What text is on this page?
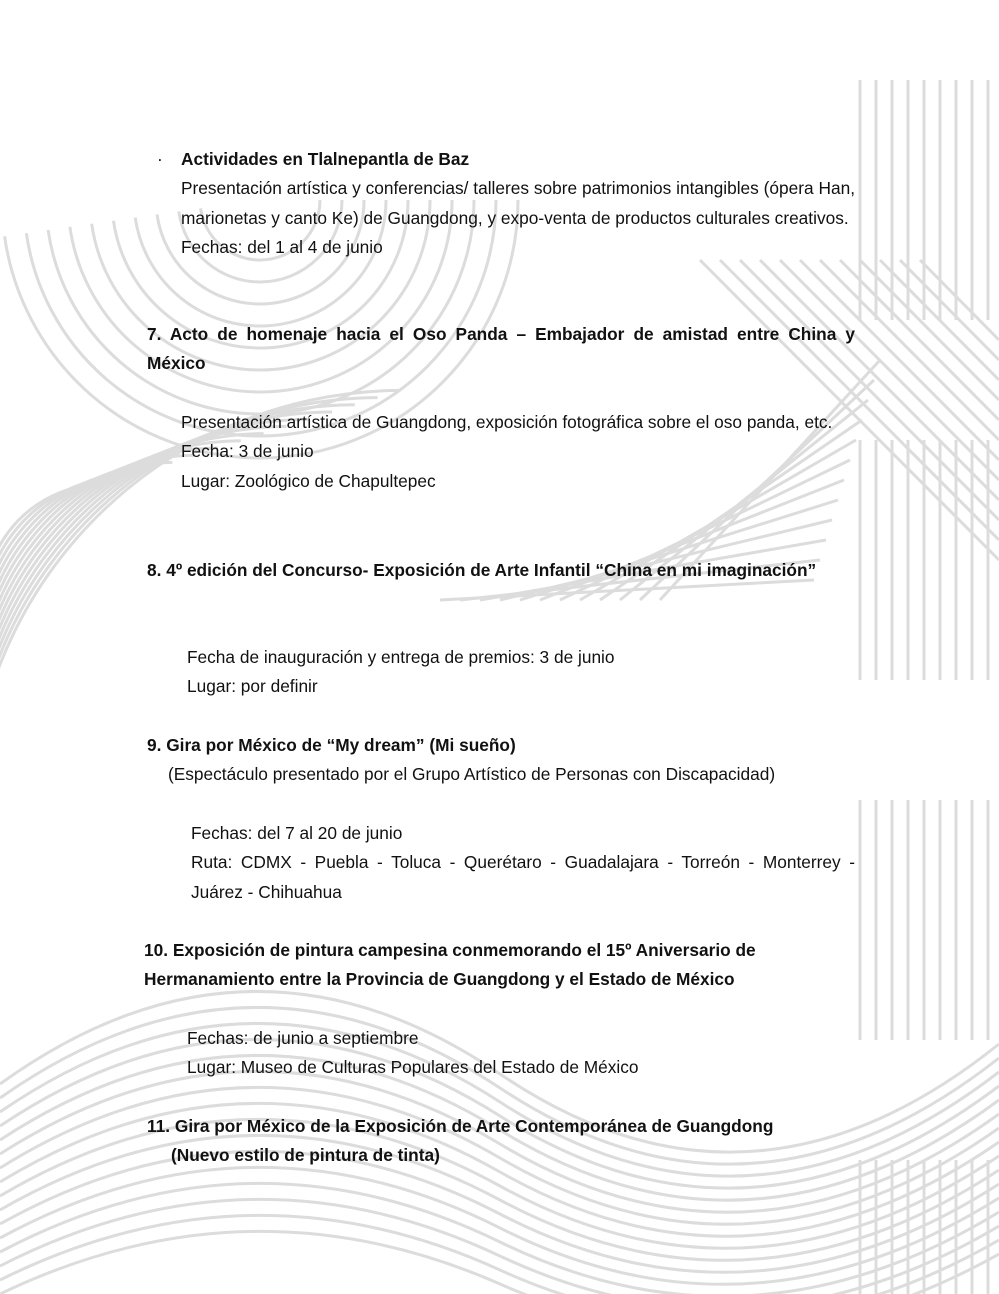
· Actividades en Tlalnepantla de Baz
Presentación artística y conferencias/ talleres sobre patrimonios intangibles (ópera Han, marionetas y canto Ke) de Guangdong, y expo-venta de productos culturales creativos.
Fechas: del 1 al 4 de junio
7. Acto de homenaje hacia el Oso Panda – Embajador de amistad entre China y México
Presentación artística de Guangdong, exposición fotográfica sobre el oso panda, etc.
Fecha: 3 de junio
Lugar: Zoológico de Chapultepec
8. 4º edición del Concurso- Exposición de Arte Infantil “China en mi imaginación”
Fecha de inauguración y entrega de premios: 3 de junio
Lugar: por definir
9. Gira por México de “My dream” (Mi sueño)
(Espectáculo presentado por el Grupo Artístico de Personas con Discapacidad)
Fechas: del 7 al 20 de junio
Ruta: CDMX - Puebla - Toluca - Querétaro - Guadalajara - Torreón - Monterrey - Juárez - Chihuahua
10. Exposición de pintura campesina conmemorando el 15º Aniversario de
Hermanamiento entre la Provincia de Guangdong y el Estado de México
Fechas: de junio a septiembre
Lugar: Museo de Culturas Populares del Estado de México
11. Gira por México de la Exposición de Arte Contemporánea de Guangdong
(Nuevo estilo de pintura de tinta)
